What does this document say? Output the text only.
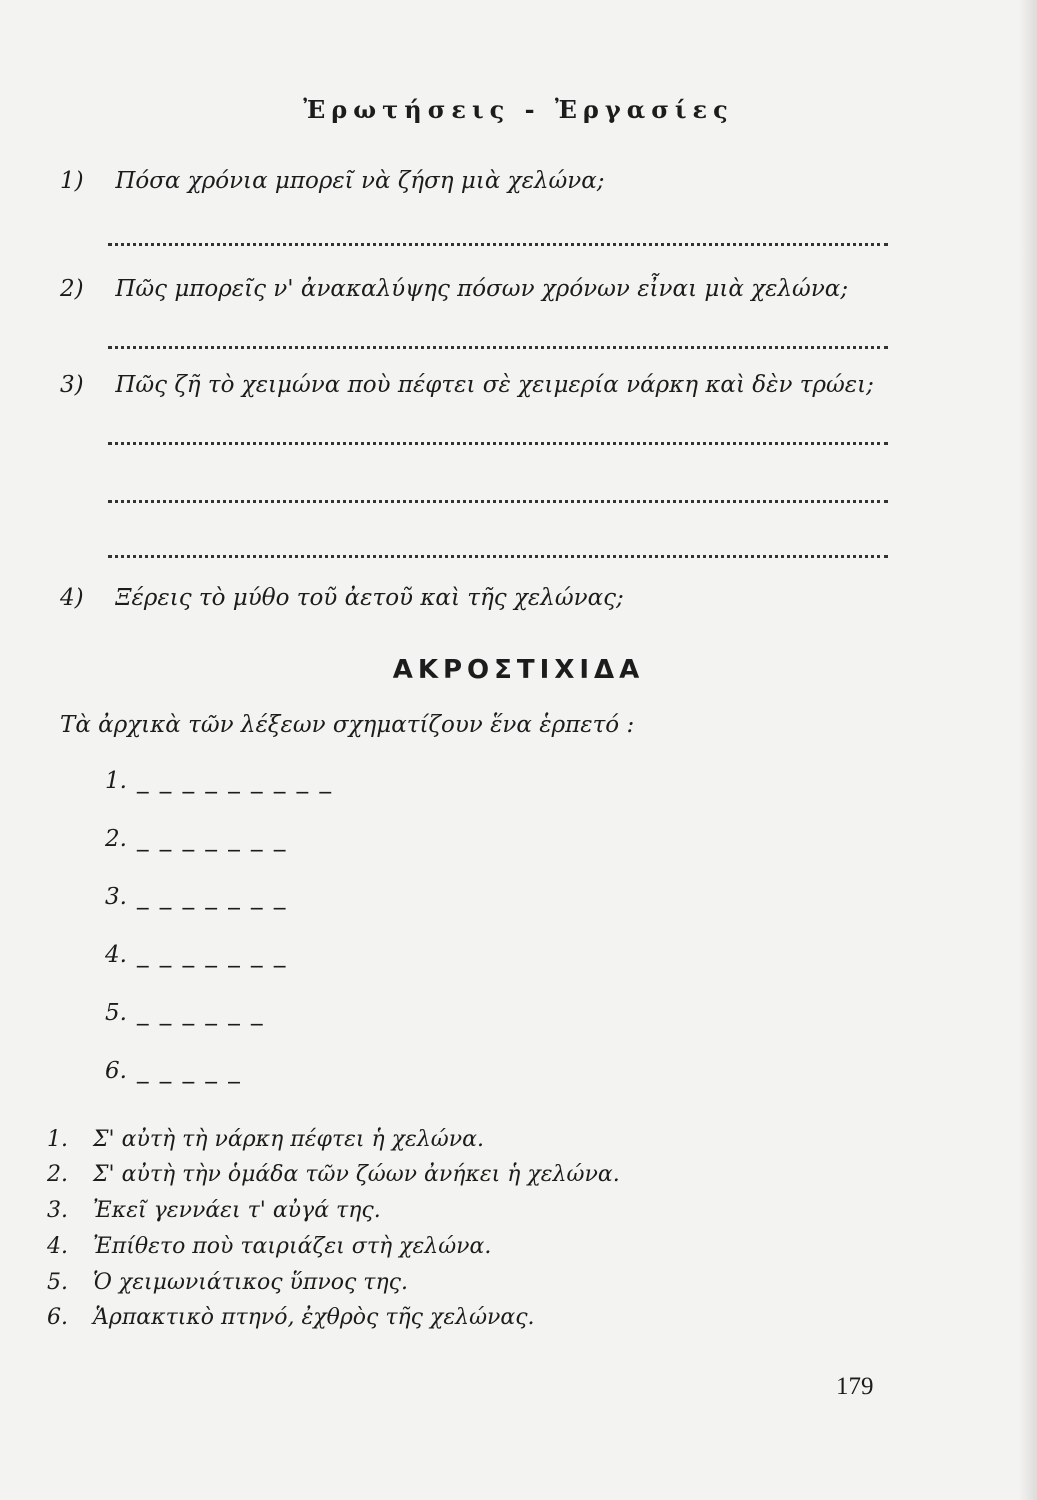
Ἐρωτήσεις - Ἐργασίες
1) Πόσα χρόνια μπορεῖ νὰ ζήση μιὰ χελώνα;
2) Πῶς μπορεῖς ν' ἀνακαλύψης πόσων χρόνων εἶναι μιὰ χελώνα;
3) Πῶς ζῆ τὸ χειμώνα ποὺ πέφτει σὲ χειμερία νάρκη καὶ δὲν τρώει;
4) Ξέρεις τὸ μύθο τοῦ ἀετοῦ καὶ τῆς χελώνας;
ΑΚΡΟΣΤΙΧΙΔΑ
Τὰ ἀρχικὰ τῶν λέξεων σχηματίζουν ἕνα ἑρπετό :
1. _ _ _ _ _ _ _ _ _
2. _ _ _ _ _ _ _
3. _ _ _ _ _ _ _
4. _ _ _ _ _ _ _
5. _ _ _ _ _ _
6. _ _ _ _ _
1. Σ' αὐτὴ τὴ νάρκη πέφτει ἡ χελώνα.
2. Σ' αὐτὴ τὴν ὁμάδα τῶν ζώων ἀνήκει ἡ χελώνα.
3. Ἐκεῖ γεννάει τ' αὐγά της.
4. Ἐπίθετο ποὺ ταιριάζει στὴ χελώνα.
5. Ὁ χειμωνιάτικος ὕπνος της.
6. Ἁρπακτικὸ πτηνό, ἐχθρὸς τῆς χελώνας.
179
